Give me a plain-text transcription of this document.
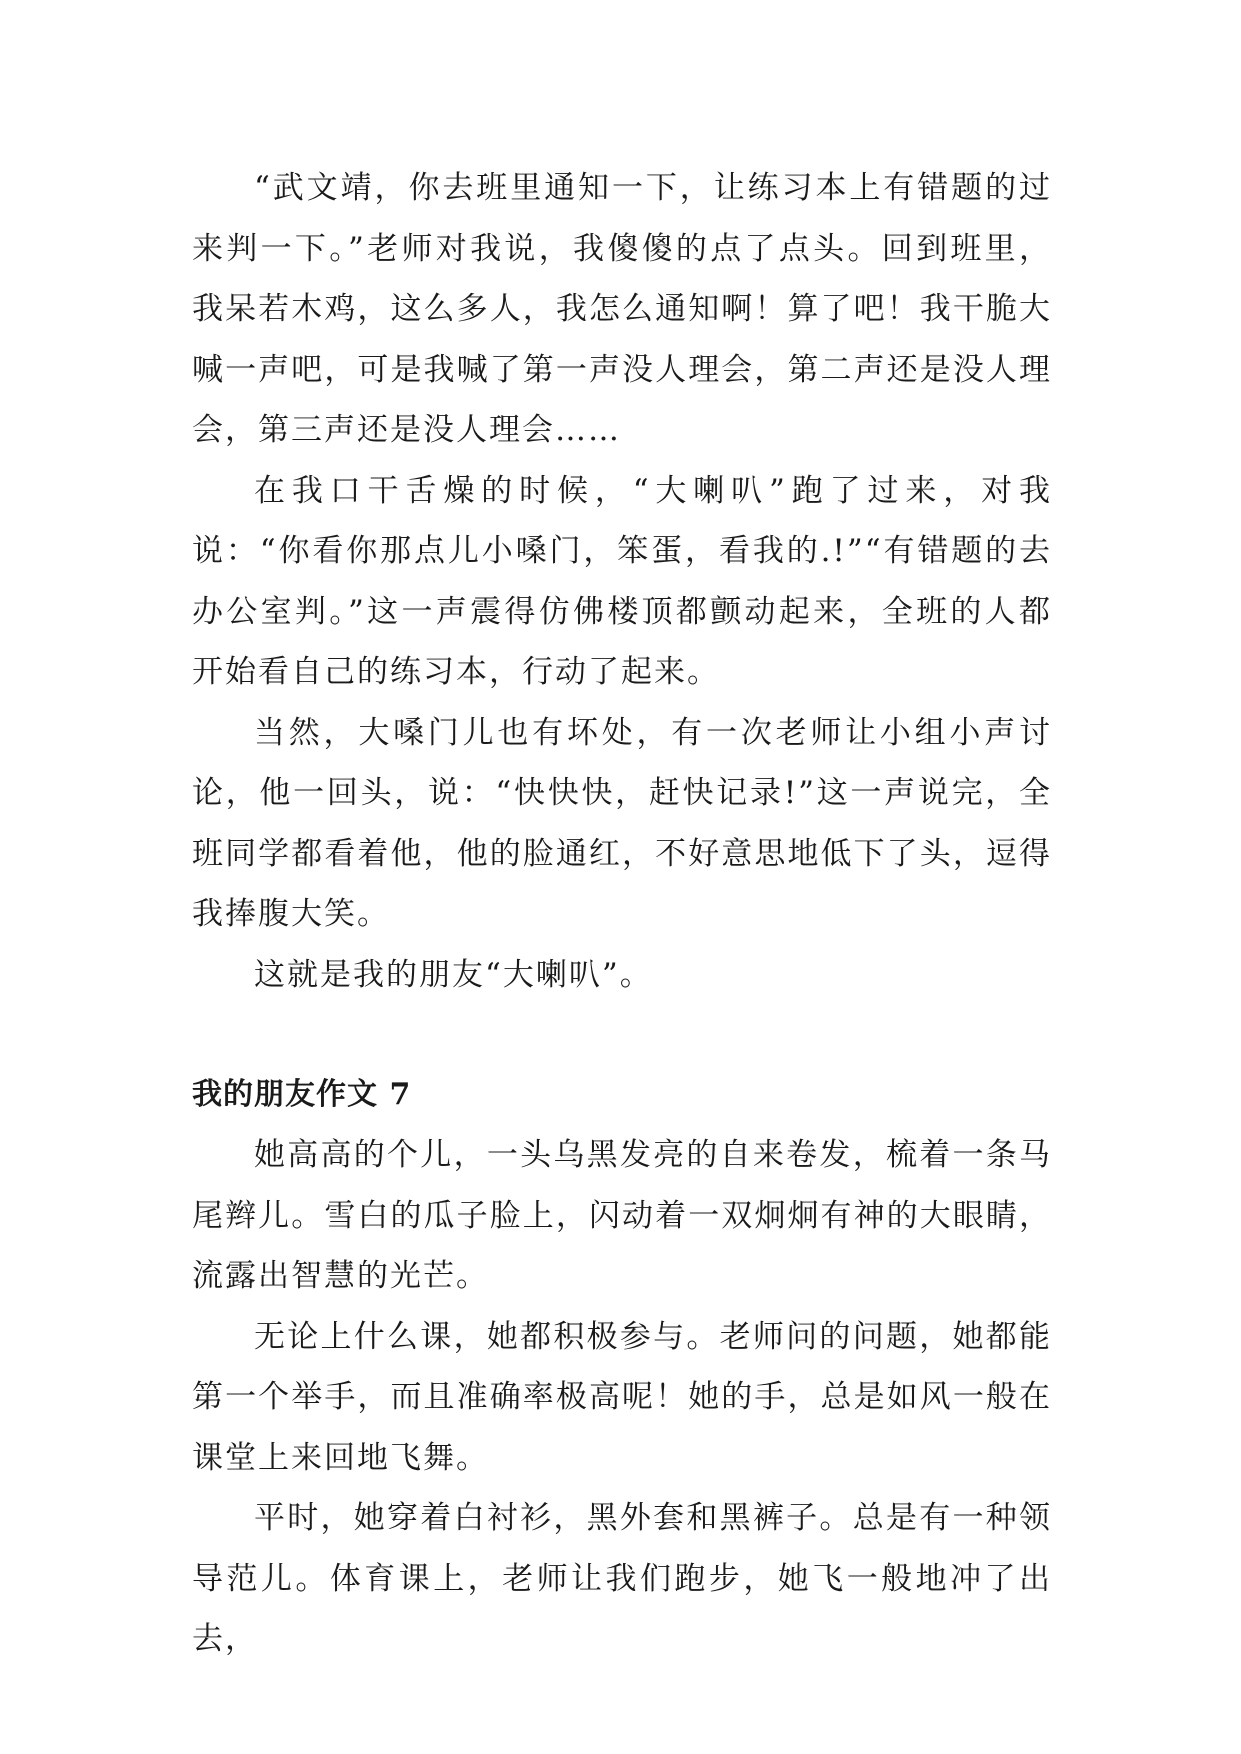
“武文靖，你去班里通知一下，让练习本上有错题的过来判一下。”老师对我说，我傻傻的点了点头。回到班里，我呆若木鸡，这么多人，我怎么通知啊！算了吧！我干脆大喊一声吧，可是我喊了第一声没人理会，第二声还是没人理会，第三声还是没人理会……

在我口干舌燥的时候，“大喇叭”跑了过来，对我说：“你看你那点儿小嗓门，笨蛋，看我的.!”“有错题的去办公室判。”这一声震得仿佛楼顶都颤动起来，全班的人都开始看自己的练习本，行动了起来。

当然，大嗓门儿也有坏处，有一次老师让小组小声讨论，他一回头，说：“快快快，赶快记录!”这一声说完，全班同学都看着他，他的脸通红，不好意思地低下了头，逗得我捧腹大笑。

这就是我的朋友“大喇叭”。

我的朋友作文 7

她高高的个儿，一头乌黑发亮的自来卷发，梳着一条马尾辫儿。雪白的瓜子脸上，闪动着一双炯炯有神的大眼睛，流露出智慧的光芒。

无论上什么课，她都积极参与。老师问的问题，她都能第一个举手，而且准确率极高呢！她的手，总是如风一般在课堂上来回地飞舞。

平时，她穿着白衬衫，黑外套和黑裤子。总是有一种领导范儿。体育课上，老师让我们跑步，她飞一般地冲了出去，
